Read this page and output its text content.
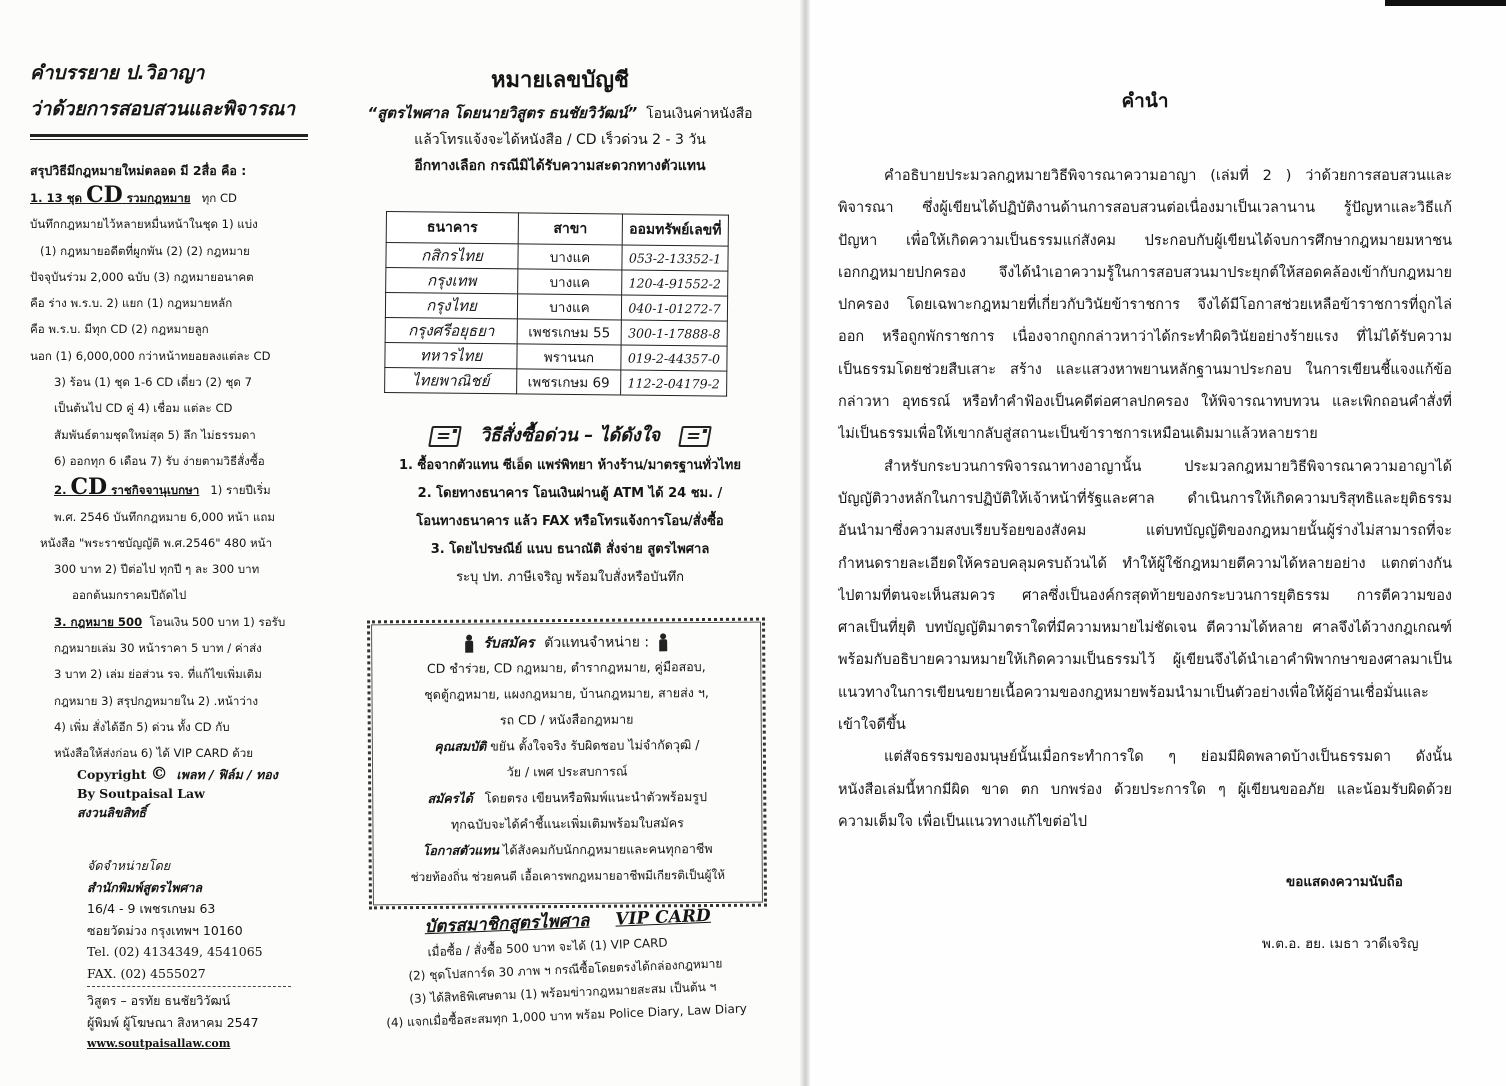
คำบรรยาย ป.วิอาญา
ว่าด้วยการสอบสวนและพิจารณา
สรุปวิธีมีกฎหมายใหม่ตลอด มี 2สื่อ คือ :
1. 13 ชุด CD รวมกฎหมาย ทุก CD
บันทึกกฎหมายไว้หลายหมื่นหน้าในชุด 1) แบ่ง
(1) กฎหมายอดีตที่ผูกพัน (2) (2) กฎหมาย
ปัจจุบันร่วม 2,000 ฉบับ (3) กฎหมายอนาคต
คือ ร่าง พ.ร.บ. 2) แยก (1) กฎหมายหลัก
คือ พ.ร.บ. มีทุก CD (2) กฎหมายลูก
นอก (1) 6,000,000 กว่าหน้าทยอยลงแต่ละ CD
3) ร้อน (1) ชุด 1-6 CD เดี่ยว (2) ชุด 7
เป็นต้นไป CD คู่ 4) เชื่อม แต่ละ CD
สัมพันธ์ตามชุดใหม่สุด 5) ลึก ไม่ธรรมดา
6) ออกทุก 6 เดือน 7) รับ ง่ายตามวิธีสั่งซื้อ
2. CD ราชกิจจานุเบกษา 1) รายปีเริ่ม
พ.ศ. 2546 บันทึกกฎหมาย 6,000 หน้า แถม
หนังสือ "พระราชบัญญัติ พ.ศ.2546" 480 หน้า
300 บาท 2) ปีต่อไป ทุกปี ๆ ละ 300 บาท
ออกต้นมกราคมปีถัดไป
3. กฎหมาย 500 โอนเงิน 500 บาท 1) รอรับ
กฎหมายเล่ม 30 หน้าราคา 5 บาท / ค่าส่ง
3 บาท 2) เล่ม ย่อส่วน รจ. ที่แก้ไขเพิ่มเติม
กฎหมาย 3) สรุปกฎหมายใน 2) .หน้าว่าง
4) เพิ่ม สั่งได้อีก 5) ด่วน ทั้ง CD กับ
หนังสือให้ส่งก่อน 6) ได้ VIP CARD ด้วย
Copyright © เพลท / ฟิล์ม / ทอง
By Soutpaisal Law
สงวนลิขสิทธิ์
จัดจำหน่ายโดย
สำนักพิมพ์สูตรไพศาล
16/4 - 9 เพชรเกษม 63
ซอยวัดม่วง กรุงเทพฯ 10160
Tel. (02) 4134349, 4541065
FAX. (02) 4555027
วิสูตร – อรทัย ธนชัยวิวัฒน์
ผู้พิมพ์ ผู้โฆษณา สิงหาคม 2547
www.soutpaisallaw.com
หมายเลขบัญชี
“สูตรไพศาล โดยนายวิสูตร ธนชัยวิวัฒน์” โอนเงินค่าหนังสือ
แล้วโทรแจ้งจะได้หนังสือ / CD เร็วด่วน 2 - 3 วัน
อีกทางเลือก กรณีมิได้รับความสะดวกทางตัวแทน
ธนาคาร	สาขา	ออมทรัพย์เลขที่
กสิกรไทย	บางแค	053-2-13352-1
กรุงเทพ	บางแค	120-4-91552-2
กรุงไทย	บางแค	040-1-01272-7
กรุงศรีอยุธยา	เพชรเกษม 55	300-1-17888-8
ทหารไทย	พรานนก	019-2-44357-0
ไทยพาณิชย์	เพชรเกษม 69	112-2-04179-2
วิธีสั่งซื้อด่วน – ได้ดังใจ
1. ซื้อจากตัวแทน ซีเอ็ด แพร่พิทยา ห้างร้าน/มาตรฐานทั่วไทย
2. โดยทางธนาคาร โอนเงินผ่านตู้ ATM ได้ 24 ชม. /
โอนทางธนาคาร แล้ว FAX หรือโทรแจ้งการโอน/สั่งซื้อ
3. โดยไปรษณีย์ แนบ ธนาณัติ สั่งจ่าย สูตรไพศาล
ระบุ ปท. ภาษีเจริญ พร้อมใบสั่งหรือบันทึก
รับสมัคร ตัวแทนจำหน่าย :
CD ชำร่วย, CD กฎหมาย, ตำรากฎหมาย, คู่มือสอบ,
ชุดตู้กฎหมาย, แผงกฎหมาย, บ้านกฎหมาย, สายส่ง ฯ,
รถ CD / หนังสือกฎหมาย
คุณสมบัติ ขยัน ตั้งใจจริง รับผิดชอบ ไม่จำกัดวุฒิ /
วัย / เพศ ประสบการณ์
สมัครได้ โดยตรง เขียนหรือพิมพ์แนะนำตัวพร้อมรูป
ทุกฉบับจะได้คำชี้แนะเพิ่มเติมพร้อมใบสมัคร
โอกาสตัวแทน ได้สังคมกับนักกฎหมายและคนทุกอาชีพ
ช่วยท้องถิ่น ช่วยคนดี เอื้อเคารพกฎหมายอาชีพมีเกียรติเป็นผู้ให้
บัตรสมาชิกสูตรไพศาล VIP CARD
เมื่อซื้อ / สั่งซื้อ 500 บาท จะได้ (1) VIP CARD
(2) ชุดโปสการ์ด 30 ภาพ ฯ กรณีซื้อโดยตรงได้กล่องกฎหมาย
(3) ได้สิทธิพิเศษตาม (1) พร้อมข่าวกฎหมายสะสม เป็นต้น ฯ
(4) แจกเมื่อซื้อสะสมทุก 1,000 บาท พร้อม Police Diary, Law Diary
คำนำ
คำอธิบายประมวลกฎหมายวิธีพิจารณาความอาญา (เล่มที่ 2 ) ว่าด้วยการสอบสวนและ
พิจารณา ซึ่งผู้เขียนได้ปฏิบัติงานด้านการสอบสวนต่อเนื่องมาเป็นเวลานาน รู้ปัญหาและวิธีแก้
ปัญหา เพื่อให้เกิดความเป็นธรรมแก่สังคม ประกอบกับผู้เขียนได้จบการศึกษากฎหมายมหาชน
เอกกฎหมายปกครอง จึงได้นำเอาความรู้ในการสอบสวนมาประยุกต์ให้สอดคล้องเข้ากับกฎหมาย
ปกครอง โดยเฉพาะกฎหมายที่เกี่ยวกับวินัยข้าราชการ จึงได้มีโอกาสช่วยเหลือข้าราชการที่ถูกไล่
ออก หรือถูกพักราชการ เนื่องจากถูกกล่าวหาว่าได้กระทำผิดวินัยอย่างร้ายแรง ที่ไม่ได้รับความ
เป็นธรรมโดยช่วยสืบเสาะ สร้าง และแสวงหาพยานหลักฐานมาประกอบ ในการเขียนชี้แจงแก้ข้อ
กล่าวหา อุทธรณ์ หรือทำคำฟ้องเป็นคดีต่อศาลปกครอง ให้พิจารณาทบทวน และเพิกถอนคำสั่งที่
ไม่เป็นธรรมเพื่อให้เขากลับสู่สถานะเป็นข้าราชการเหมือนเดิมมาแล้วหลายราย
สำหรับกระบวนการพิจารณาทางอาญานั้น ประมวลกฎหมายวิธีพิจารณาความอาญาได้
บัญญัติวางหลักในการปฏิบัติให้เจ้าหน้าที่รัฐและศาล ดำเนินการให้เกิดความบริสุทธิและยุติธรรม
อันนำมาซึ่งความสงบเรียบร้อยของสังคม แต่บทบัญญัติของกฎหมายนั้นผู้ร่างไม่สามารถที่จะ
กำหนดรายละเอียดให้ครอบคลุมครบถ้วนได้ ทำให้ผู้ใช้กฎหมายตีความได้หลายอย่าง แตกต่างกัน
ไปตามที่ตนจะเห็นสมควร ศาลซึ่งเป็นองค์กรสุดท้ายของกระบวนการยุติธรรม การตีความของ
ศาลเป็นที่ยุติ บทบัญญัติมาตราใดที่มีความหมายไม่ชัดเจน ตีความได้หลาย ศาลจึงได้วางกฎเกณฑ์
พร้อมกับอธิบายความหมายให้เกิดความเป็นธรรมไว้ ผู้เขียนจึงได้นำเอาคำพิพากษาของศาลมาเป็น
แนวทางในการเขียนขยายเนื้อความของกฎหมายพร้อมนำมาเป็นตัวอย่างเพื่อให้ผู้อ่านเชื่อมั่นและ
เข้าใจดีขึ้น
แต่สัจธรรมของมนุษย์นั้นเมื่อกระทำการใด ๆ ย่อมมีผิดพลาดบ้างเป็นธรรมดา ดังนั้น
หนังสือเล่มนี้หากมีผิด ขาด ตก บกพร่อง ด้วยประการใด ๆ ผู้เขียนขออภัย และน้อมรับผิดด้วย
ความเต็มใจ เพื่อเป็นแนวทางแก้ไขต่อไป
ขอแสดงความนับถือ
พ.ต.อ. ฮย. เมธา วาดีเจริญ
